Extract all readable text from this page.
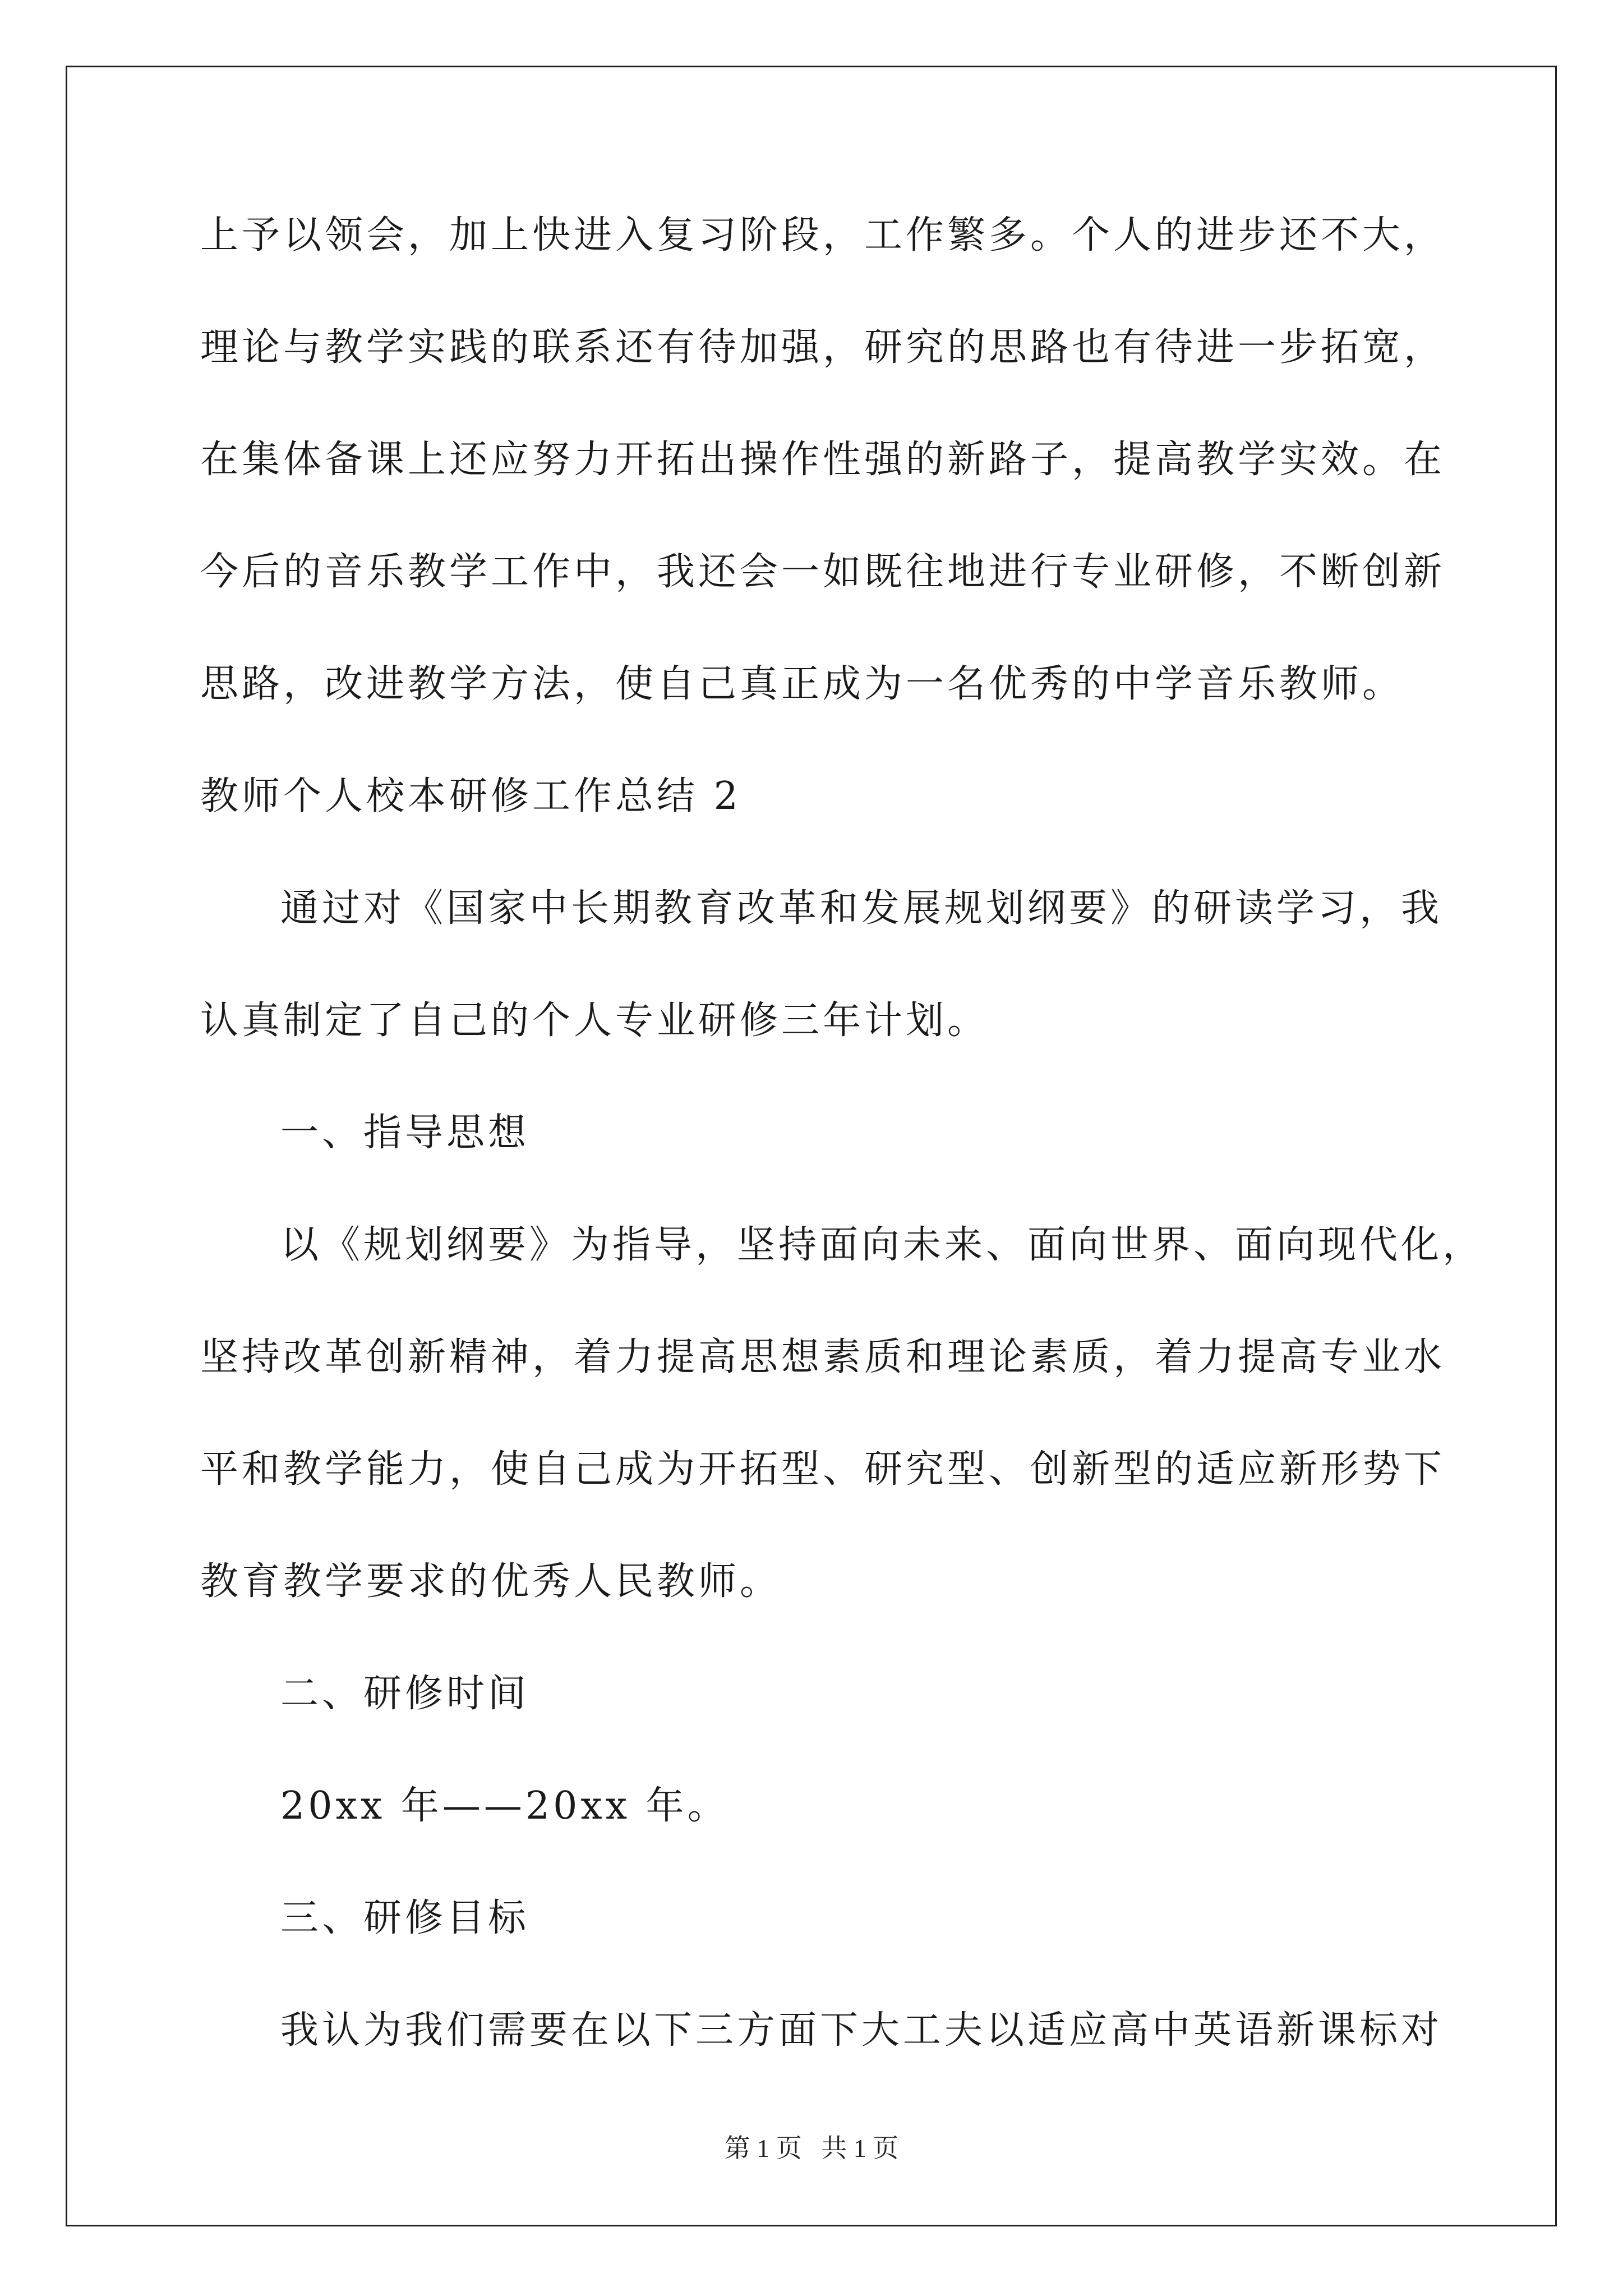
上予以领会，加上快进入复习阶段，工作繁多。个人的进步还不大，
理论与教学实践的联系还有待加强，研究的思路也有待进一步拓宽，
在集体备课上还应努力开拓出操作性强的新路子，提高教学实效。在
今后的音乐教学工作中，我还会一如既往地进行专业研修，不断创新
思路，改进教学方法，使自己真正成为一名优秀的中学音乐教师。
教师个人校本研修工作总结 2
通过对《国家中长期教育改革和发展规划纲要》的研读学习，我
认真制定了自己的个人专业研修三年计划。
一、指导思想
以《规划纲要》为指导，坚持面向未来、面向世界、面向现代化，
坚持改革创新精神，着力提高思想素质和理论素质，着力提高专业水
平和教学能力，使自己成为开拓型、研究型、创新型的适应新形势下
教育教学要求的优秀人民教师。
二、研修时间
20xx 年——20xx 年。
三、研修目标
我认为我们需要在以下三方面下大工夫以适应高中英语新课标对
第 1 页   共 1 页
